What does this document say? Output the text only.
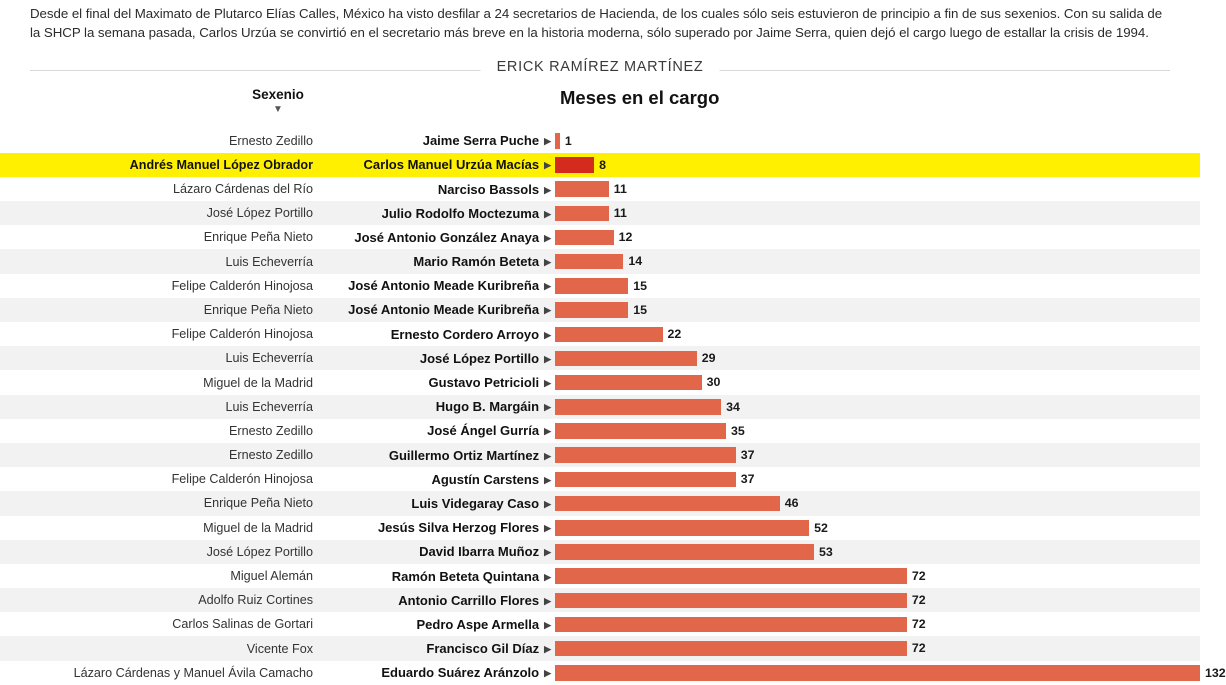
Desde el final del Maximato de Plutarco Elías Calles, México ha visto desfilar a 24 secretarios de Hacienda, de los cuales sólo seis estuvieron de principio a fin de sus sexenios. Con su salida de la SHCP la semana pasada, Carlos Urzúa se convirtió en el secretario más breve en la historia moderna, sólo superado por Jaime Serra, quien dejó el cargo luego de estallar la crisis de 1994.

ERICK RAMÍREZ MARTÍNEZ
Sexenio
▼
Meses en el cargo
Ernesto Zedillo	Jaime Serra Puche ▶	1
Andrés Manuel López Obrador	Carlos Manuel Urzúa Macías ▶	8
Lázaro Cárdenas del Río	Narciso Bassols ▶	11
José López Portillo	Julio Rodolfo Moctezuma ▶	11
Enrique Peña Nieto	José Antonio González Anaya ▶	12
Luis Echeverría	Mario Ramón Beteta ▶	14
Felipe Calderón Hinojosa	José Antonio Meade Kuribreña ▶	15
Enrique Peña Nieto	José Antonio Meade Kuribreña ▶	15
Felipe Calderón Hinojosa	Ernesto Cordero Arroyo ▶	22
Luis Echeverría	José López Portillo ▶	29
Miguel de la Madrid	Gustavo Petricioli ▶	30
Luis Echeverría	Hugo B. Margáin ▶	34
Ernesto Zedillo	José Ángel Gurría ▶	35
Ernesto Zedillo	Guillermo Ortiz Martínez ▶	37
Felipe Calderón Hinojosa	Agustín Carstens ▶	37
Enrique Peña Nieto	Luis Videgaray Caso ▶	46
Miguel de la Madrid	Jesús Silva Herzog Flores ▶	52
José López Portillo	David Ibarra Muñoz ▶	53
Miguel Alemán	Ramón Beteta Quintana ▶	72
Adolfo Ruiz Cortines	Antonio Carrillo Flores ▶	72
Carlos Salinas de Gortari	Pedro Aspe Armella ▶	72
Vicente Fox	Francisco Gil Díaz ▶	72
Lázaro Cárdenas y Manuel Ávila Camacho	Eduardo Suárez Aránzolo ▶	132
